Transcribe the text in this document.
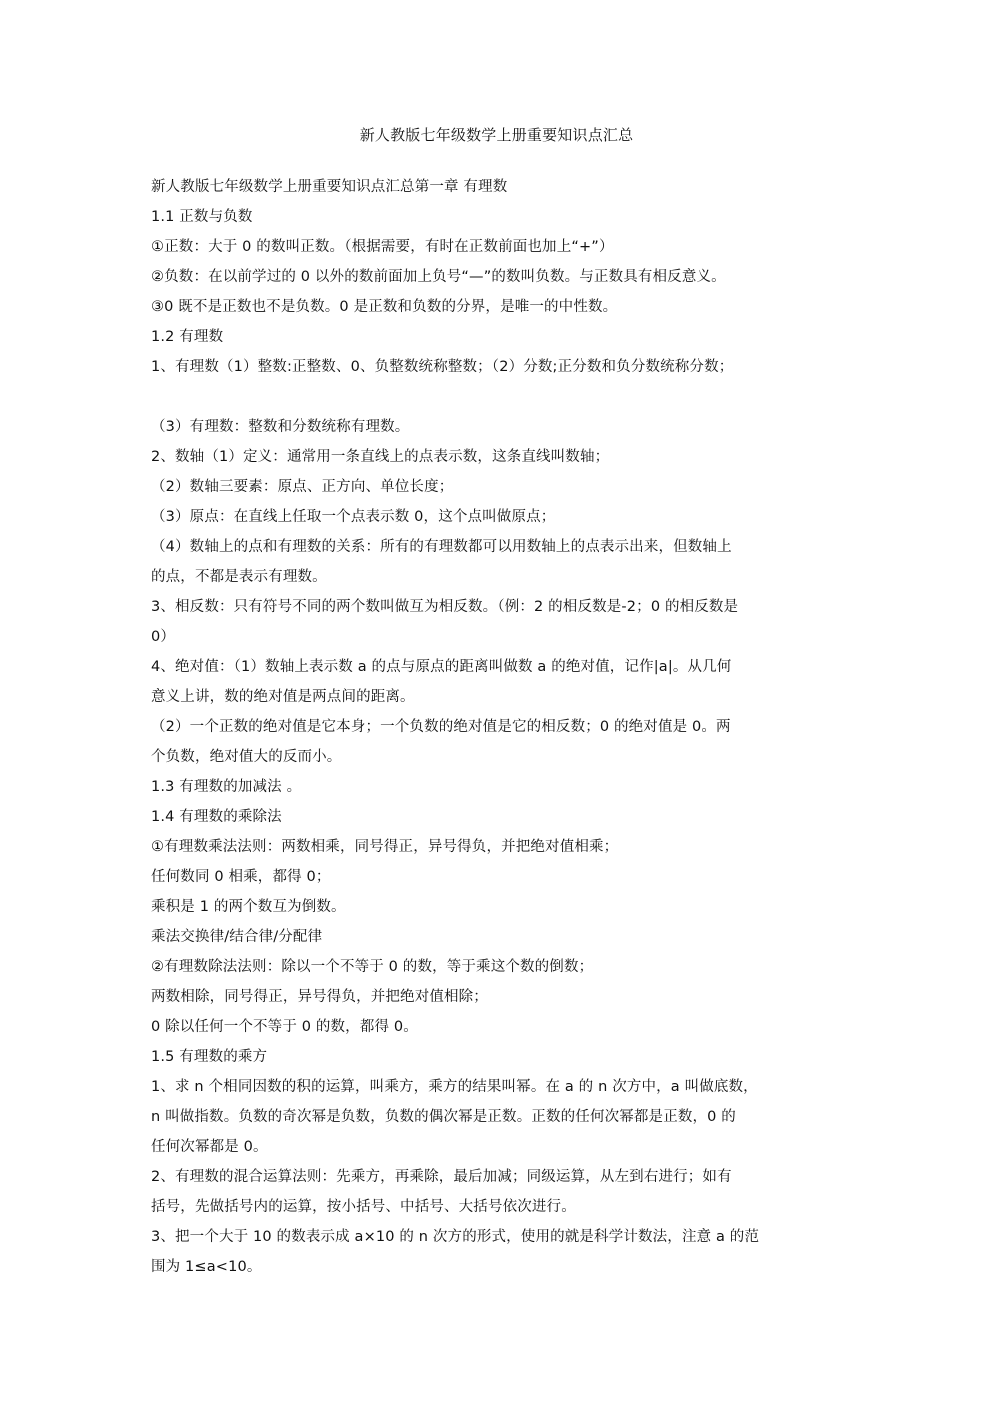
新人教版七年级数学上册重要知识点汇总
新人教版七年级数学上册重要知识点汇总第一章 有理数
1.1 正数与负数
①正数：大于 0 的数叫正数。（根据需要，有时在正数前面也加上“+”）
②负数：在以前学过的 0 以外的数前面加上负号“—”的数叫负数。与正数具有相反意义。
③0 既不是正数也不是负数。0 是正数和负数的分界，是唯一的中性数。
1.2 有理数
1、有理数（1）整数:正整数、0、负整数统称整数；（2）分数;正分数和负分数统称分数；
（3）有理数：整数和分数统称有理数。
2、数轴（1）定义：通常用一条直线上的点表示数，这条直线叫数轴；
（2）数轴三要素：原点、正方向、单位长度；
（3）原点：在直线上任取一个点表示数 0，这个点叫做原点；
（4）数轴上的点和有理数的关系：所有的有理数都可以用数轴上的点表示出来，但数轴上
的点，不都是表示有理数。
3、相反数：只有符号不同的两个数叫做互为相反数。（例：2 的相反数是-2；0 的相反数是
0）
4、绝对值：（1）数轴上表示数 a 的点与原点的距离叫做数 a 的绝对值，记作|a|。从几何
意义上讲，数的绝对值是两点间的距离。
（2）一个正数的绝对值是它本身；一个负数的绝对值是它的相反数；0 的绝对值是 0。两
个负数，绝对值大的反而小。
1.3 有理数的加减法 。
1.4 有理数的乘除法
①有理数乘法法则：两数相乘，同号得正，异号得负，并把绝对值相乘；
任何数同 0 相乘，都得 0；
乘积是 1 的两个数互为倒数。
乘法交换律/结合律/分配律
②有理数除法法则：除以一个不等于 0 的数，等于乘这个数的倒数；
两数相除，同号得正，异号得负，并把绝对值相除；
0 除以任何一个不等于 0 的数，都得 0。
1.5 有理数的乘方
1、求 n 个相同因数的积的运算，叫乘方，乘方的结果叫幂。在 a 的 n 次方中，a 叫做底数，
n 叫做指数。负数的奇次幂是负数，负数的偶次幂是正数。正数的任何次幂都是正数，0 的
任何次幂都是 0。
2、有理数的混合运算法则：先乘方，再乘除，最后加减；同级运算，从左到右进行；如有
括号，先做括号内的运算，按小括号、中括号、大括号依次进行。
3、把一个大于 10 的数表示成 a×10 的 n 次方的形式，使用的就是科学计数法，注意 a 的范
围为 1≤a<10。
